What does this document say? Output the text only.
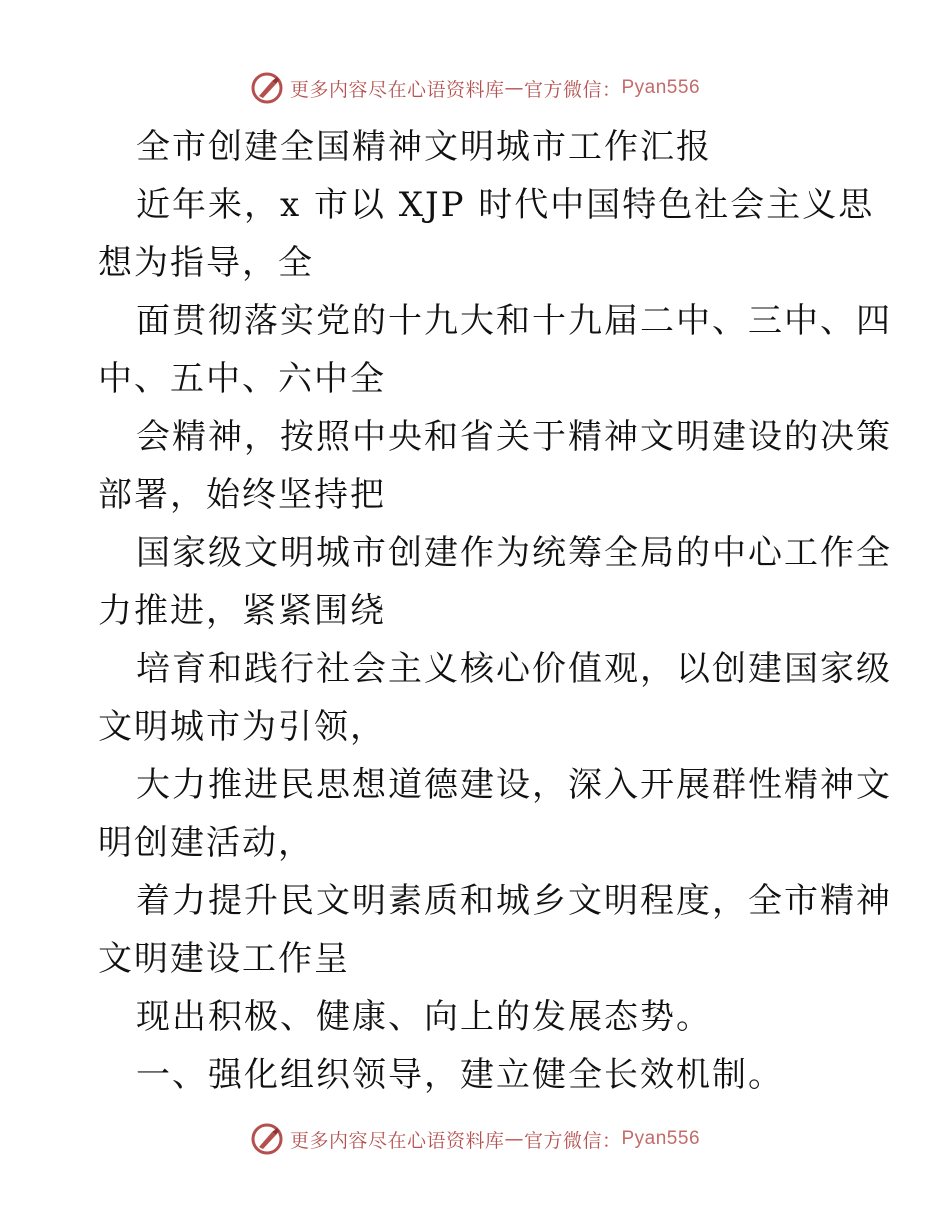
更多内容尽在心语资料库 — 官方微信： Pyan556
全市创建全国精神文明城市工作汇报
近年来，x 市以 XJP 时代中国特色社会主义思
想为指导，全
面贯彻落实党的十九大和十九届二中、三中、四
中、五中、六中全
会精神，按照中央和省关于精神文明建设的决策
部署，始终坚持把
国家级文明城市创建作为统筹全局的中心工作全
力推进，紧紧围绕
培育和践行社会主义核心价值观，以创建国家级
文明城市为引领，
大力推进民思想道德建设，深入开展群性精神文
明创建活动，
着力提升民文明素质和城乡文明程度，全市精神
文明建设工作呈
现出积极、健康、向上的发展态势。
一、强化组织领导，建立健全长效机制。
更多内容尽在心语资料库 — 官方微信： Pyan556
